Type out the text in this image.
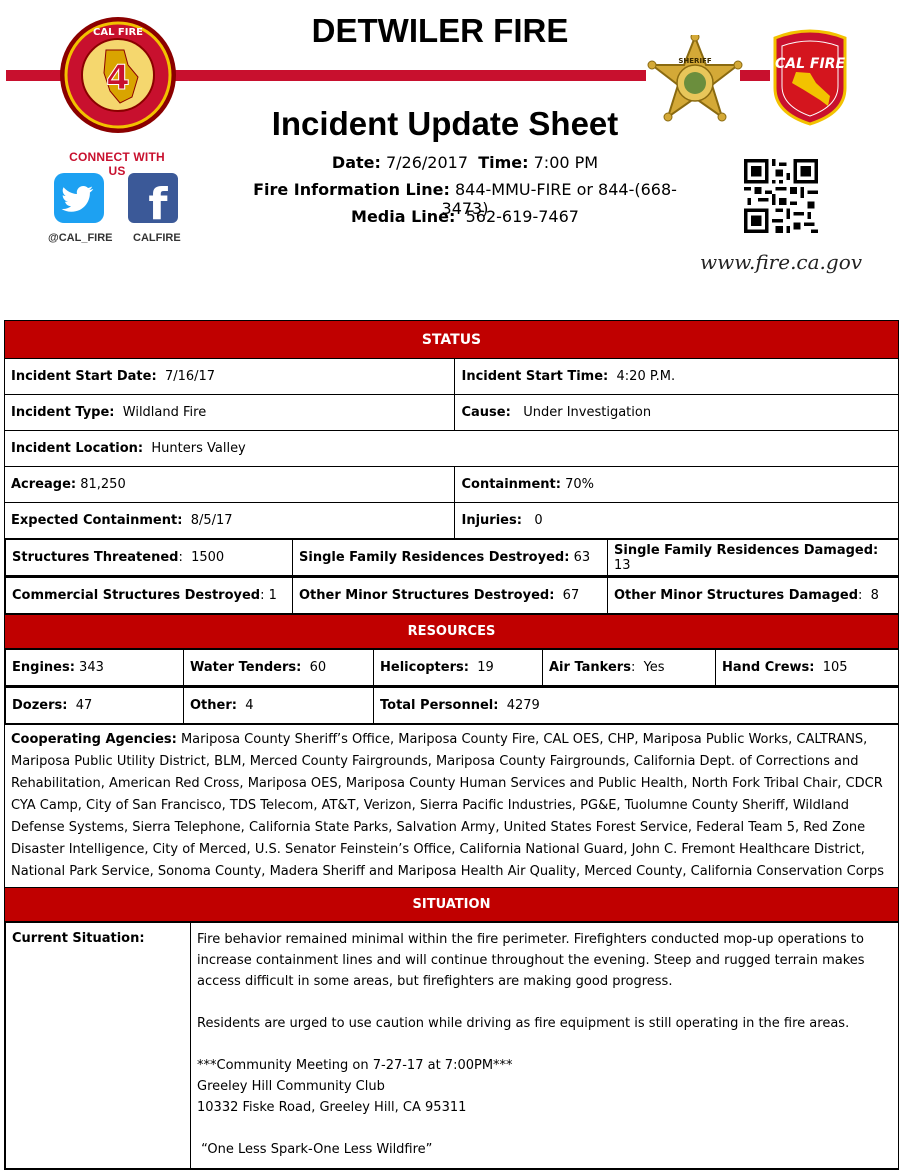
4
CAL FIRE
CONNECT WITH US
f
@CAL_FIRE CALFIRE
DETWILER FIRE
Incident Update Sheet
Date: 7/26/2017 Time: 7:00 PM
Fire Information Line: 844-MMU-FIRE or 844-(668-3473)
Media Line: 562-619-7467
SHERIFF	CAL FIRE
www.fire.ca.gov
STATUS
Incident Start Date: 7/16/17	Incident Start Time: 4:20 P.M.
Incident Type: Wildland Fire	Cause: Under Investigation
Incident Location: Hunters Valley
Acreage: 81,250	Containment: 70%
Expected Containment: 8/5/17	Injuries: 0

Structures Threatened:  1500	Single Family Residences Destroyed: 63	Single Family Residences Damaged: 13

Commercial Structures Destroyed: 1	Other Minor Structures Destroyed: 67	Other Minor Structures Damaged:  8

RESOURCES

Engines: 343	Water Tenders: 60	Helicopters: 19	Air Tankers:  Yes	Hand Crews: 105

Dozers: 47	Other: 4	Total Personnel: 4279

Cooperating Agencies: Mariposa County Sheriff’s Office, Mariposa County Fire, CAL OES, CHP, Mariposa Public Works, CALTRANS, Mariposa Public Utility District, BLM, Merced County Fairgrounds, Mariposa County Fairgrounds, California Dept. of Corrections and Rehabilitation, American Red Cross, Mariposa OES, Mariposa County Human Services and Public Health, North Fork Tribal Chair, CDCR CYA Camp, City of San Francisco, TDS Telecom, AT&T, Verizon, Sierra Pacific Industries, PG&E, Tuolumne County Sheriff, Wildland Defense Systems, Sierra Telephone, California State Parks, Salvation Army, United States Forest Service, Federal Team 5, Red Zone Disaster Intelligence, City of Merced, U.S. Senator Feinstein’s Office, California National Guard, John C. Fremont Healthcare District, National Park Service, Sonoma County, Madera Sheriff and Mariposa Health Air Quality, Merced County, California Conservation Corps
SITUATION

Current Situation:	Fire behavior remained minimal within the fire perimeter. Firefighters conducted mop-up operations to increase containment lines and will continue throughout the evening. Steep and rugged terrain makes access difficult in some areas, but firefighters are making good progress.
Residents are urged to use caution while driving as fire equipment is still operating in the fire areas.
***Community Meeting on 7-27-17 at 7:00PM***
Greeley Hill Community Club
10332 Fiske Road, Greeley Hill, CA 95311
“One Less Spark-One Less Wildfire”
